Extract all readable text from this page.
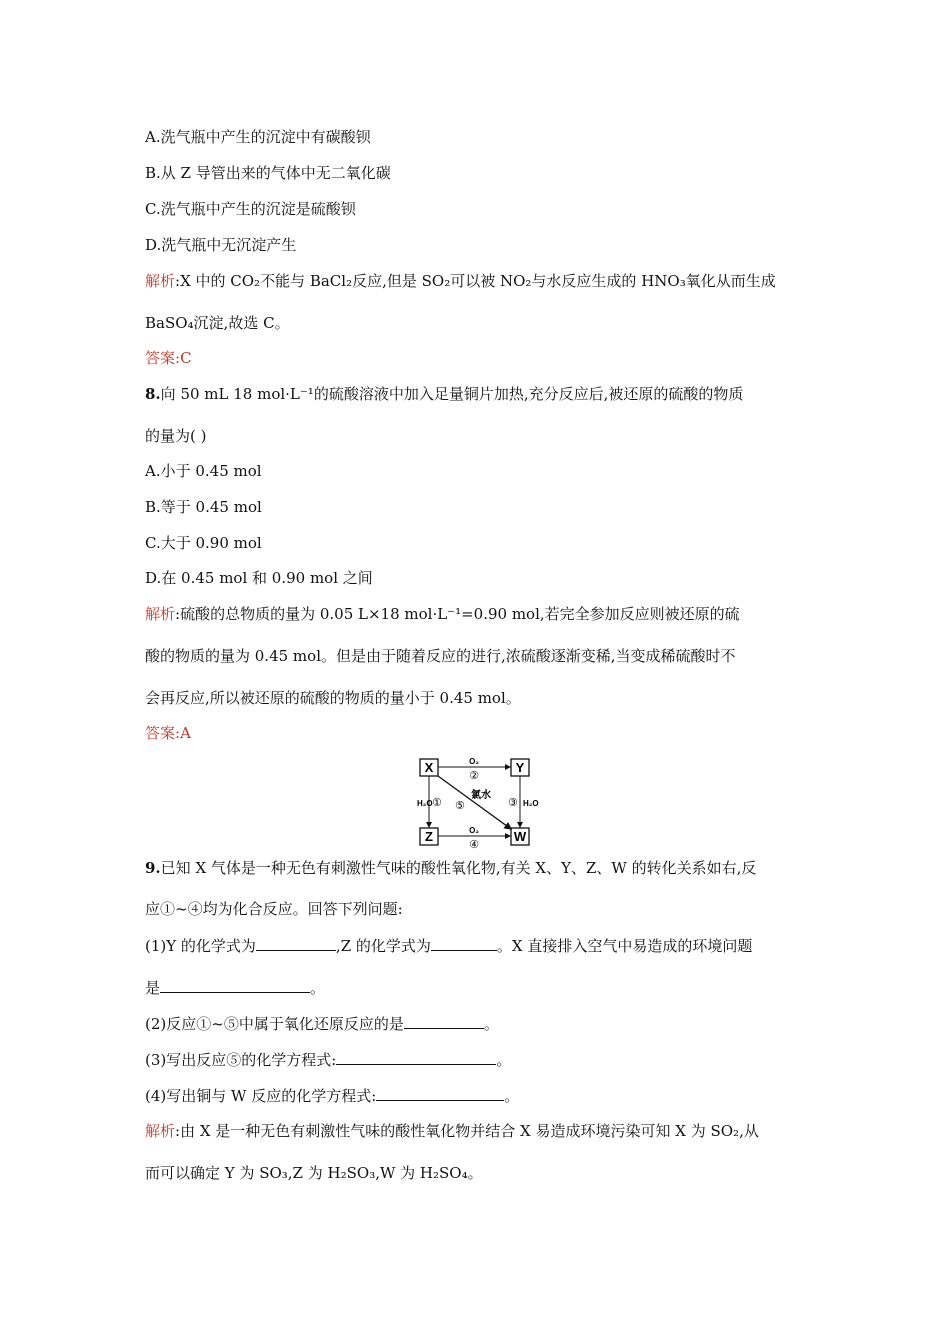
A.洗气瓶中产生的沉淀中有碳酸钡
B.从 Z 导管出来的气体中无二氧化碳
C.洗气瓶中产生的沉淀是硫酸钡
D.洗气瓶中无沉淀产生
解析:X 中的 CO₂不能与 BaCl₂反应,但是 SO₂可以被 NO₂与水反应生成的 HNO₃氧化从而生成
BaSO₄沉淀,故选 C。
答案:C
8.向 50 mL 18 mol·L⁻¹的硫酸溶液中加入足量铜片加热,充分反应后,被还原的硫酸的物质
的量为( )
A.小于 0.45 mol
B.等于 0.45 mol
C.大于 0.90 mol
D.在 0.45 mol 和 0.90 mol 之间
解析:硫酸的总物质的量为 0.05 L×18 mol·L⁻¹=0.90 mol,若完全参加反应则被还原的硫
酸的物质的量为 0.45 mol。但是由于随着反应的进行,浓硫酸逐渐变稀,当变成稀硫酸时不
会再反应,所以被还原的硫酸的物质的量小于 0.45 mol。
答案:A
X	Y
Z	W
O₂
②
O₂
④
H₂O ①	③ H₂O
氯水
⑤
9.已知 X 气体是一种无色有刺激性气味的酸性氧化物,有关 X、Y、Z、W 的转化关系如右,反
应①~④均为化合反应。回答下列问题:
(1)Y 的化学式为	,Z 的化学式为	。X 直接排入空气中易造成的环境问题
是	。
(2)反应①~⑤中属于氧化还原反应的是	。
(3)写出反应⑤的化学方程式:	。
(4)写出铜与 W 反应的化学方程式:	。
解析:由 X 是一种无色有刺激性气味的酸性氧化物并结合 X 易造成环境污染可知 X 为 SO₂,从
而可以确定 Y 为 SO₃,Z 为 H₂SO₃,W 为 H₂SO₄。
